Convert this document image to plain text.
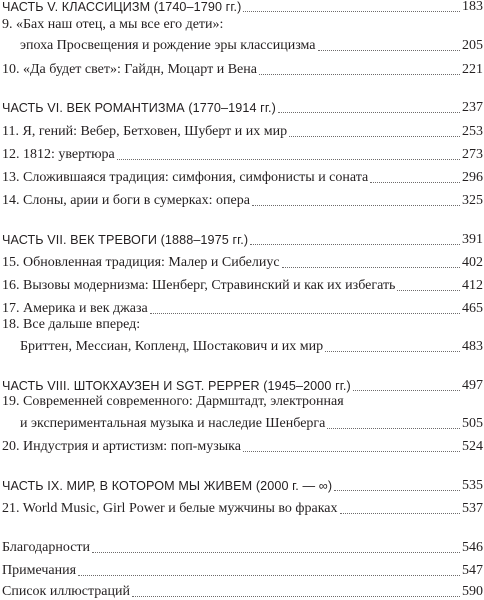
ЧАСТЬ V. КЛАССИЦИЗМ (1740–1790 гг.)	183
9. «Бах наш отец, а мы все его дети»:
эпоха Просвещения и рождение эры классицизма	205
10. «Да будет свет»: Гайдн, Моцарт и Вена	221
ЧАСТЬ VI. ВЕК РОМАНТИЗМА (1770–1914 гг.)	237
11. Я, гений: Вебер, Бетховен, Шуберт и их мир	253
12. 1812: увертюра	273
13. Сложившаяся традиция: симфония, симфонисты и соната	296
14. Слоны, арии и боги в сумерках: опера	325
ЧАСТЬ VII. ВЕК ТРЕВОГИ (1888–1975 гг.)	391
15. Обновленная традиция: Малер и Сибелиус	402
16. Вызовы модернизма: Шенберг, Стравинский и как их избегать	412
17. Америка и век джаза	465
18. Все дальше вперед:
Бриттен, Мессиан, Копленд, Шостакович и их мир	483
ЧАСТЬ VIII. ШТОКХАУЗЕН И SGT. PEPPER (1945–2000 гг.)	497
19. Современней современного: Дармштадт, электронная
и экспериментальная музыка и наследие Шенберга	505
20. Индустрия и артистизм: поп-музыка	524
ЧАСТЬ IX. МИР, В КОТОРОМ МЫ ЖИВЕМ (2000 г. — ∞)	535
21. World Music, Girl Power и белые мужчины во фраках	537
Благодарности	546
Примечания	547
Список иллюстраций	590
